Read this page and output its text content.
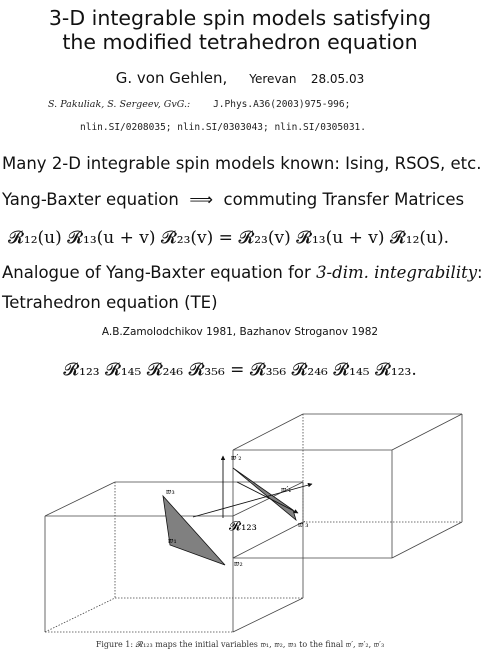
3-D integrable spin models satisfying
the modified tetrahedron equation
G. von Gehlen, Yerevan 28.05.03
S. Pakuliak, S. Sergeev, GvG.: J.Phys.A36(2003)975-996;
nlin.SI/0208035; nlin.SI/0303043; nlin.SI/0305031.
Many 2-D integrable spin models known: Ising, RSOS, etc.
Yang-Baxter equation ⟹ commuting Transfer Matrices
𝓡₁₂(u) 𝓡₁₃(u + v) 𝓡₂₃(v) = 𝓡₂₃(v) 𝓡₁₃(u + v) 𝓡₁₂(u).
Analogue of Yang-Baxter equation for 3-dim. integrability:
Tetrahedron equation (TE)
A.B.Zamolodchikov 1981, Bazhanov Stroganov 1982
𝓡₁₂₃ 𝓡₁₄₅ 𝓡₂₄₆ 𝓡₃₅₆ = 𝓡₃₅₆ 𝓡₂₄₆ 𝓡₁₄₅ 𝓡₁₂₃.
𝓡₁₂₃
𝔴₁
𝔴₂
𝔴₃	𝔴′₁
𝔴′₂
𝔴′₃
Figure 1: 𝓡₁₂₃ maps the initial variables 𝔴₁, 𝔴₂, 𝔴₃ to the final 𝔴′, 𝔴′₂, 𝔴′₃
